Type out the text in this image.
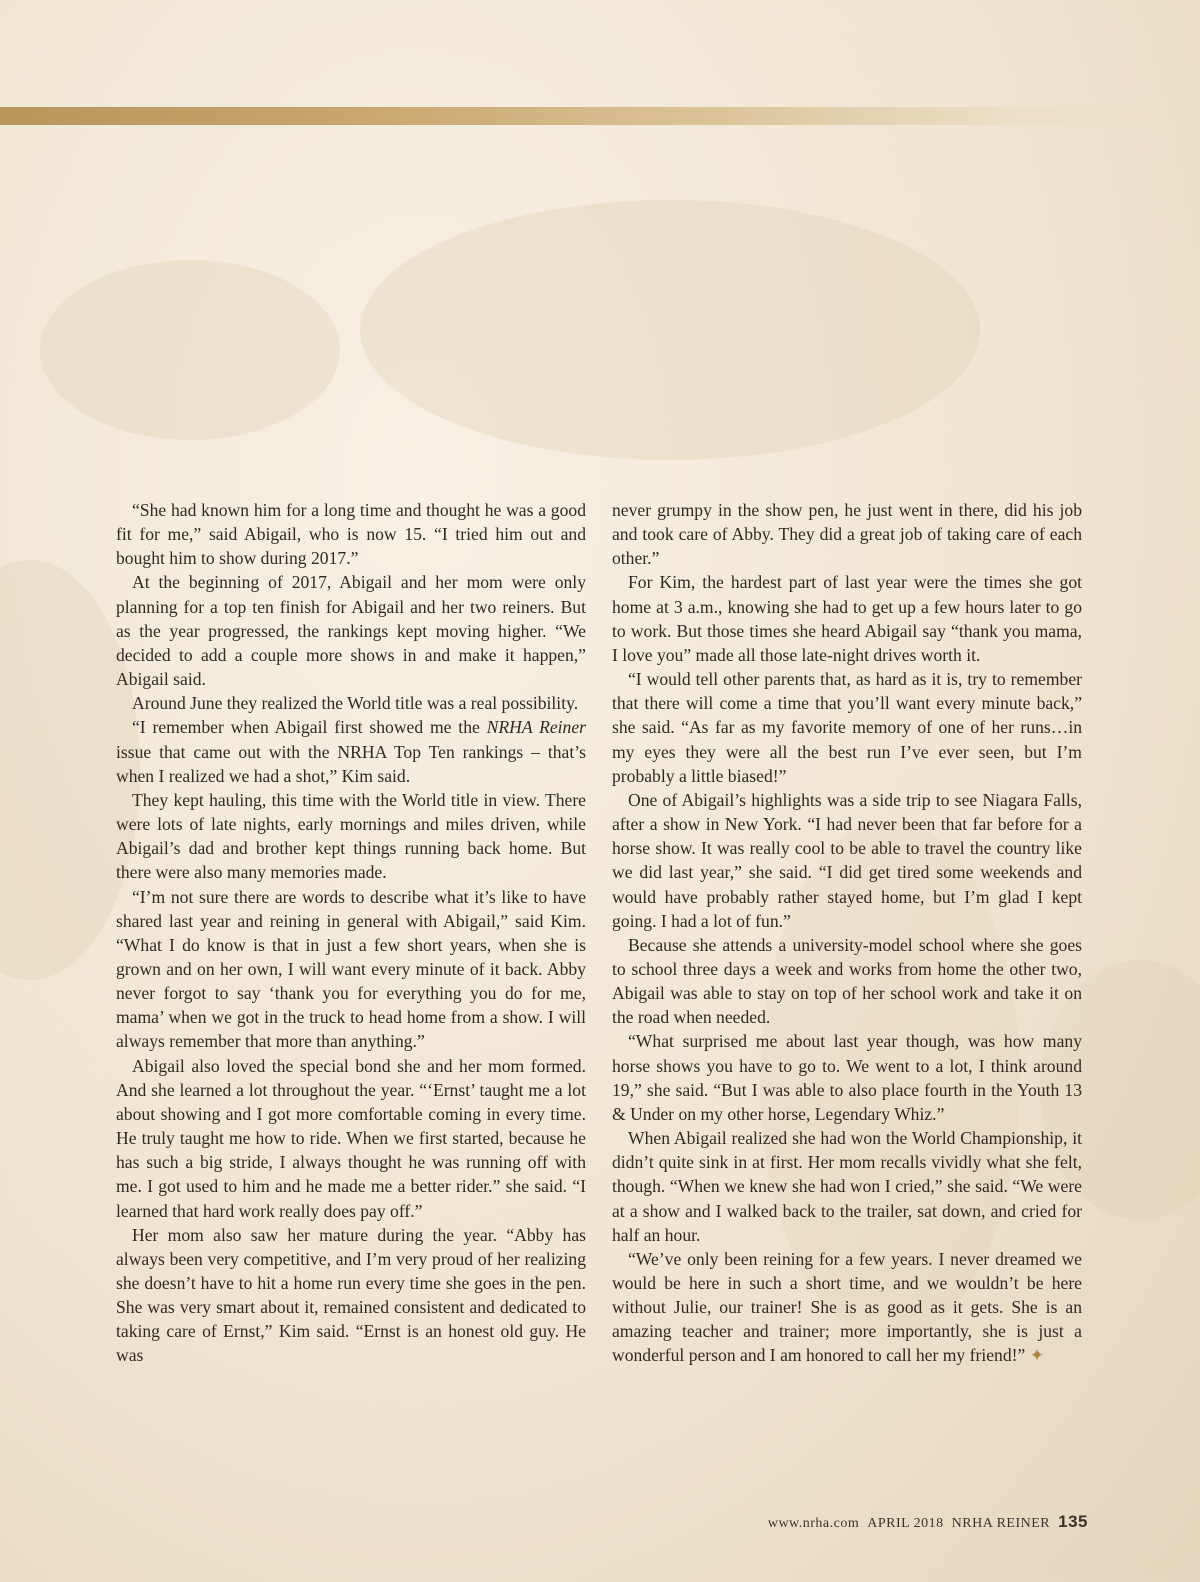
“She had known him for a long time and thought he was a good fit for me,” said Abigail, who is now 15. “I tried him out and bought him to show during 2017.”

At the beginning of 2017, Abigail and her mom were only planning for a top ten finish for Abigail and her two reiners. But as the year progressed, the rankings kept moving higher. “We decided to add a couple more shows in and make it happen,” Abigail said.

Around June they realized the World title was a real possibility.

“I remember when Abigail first showed me the NRHA Reiner issue that came out with the NRHA Top Ten rankings – that’s when I realized we had a shot,” Kim said.

They kept hauling, this time with the World title in view. There were lots of late nights, early mornings and miles driven, while Abigail’s dad and brother kept things running back home. But there were also many memories made.

“I’m not sure there are words to describe what it’s like to have shared last year and reining in general with Abigail,” said Kim. “What I do know is that in just a few short years, when she is grown and on her own, I will want every minute of it back. Abby never forgot to say ‘thank you for everything you do for me, mama’ when we got in the truck to head home from a show. I will always remember that more than anything.”

Abigail also loved the special bond she and her mom formed. And she learned a lot throughout the year. “‘Ernst’ taught me a lot about showing and I got more comfortable coming in every time. He truly taught me how to ride. When we first started, because he has such a big stride, I always thought he was running off with me. I got used to him and he made me a better rider.” she said. “I learned that hard work really does pay off.”

Her mom also saw her mature during the year. “Abby has always been very competitive, and I’m very proud of her realizing she doesn’t have to hit a home run every time she goes in the pen. She was very smart about it, remained consistent and dedicated to taking care of Ernst,” Kim said. “Ernst is an honest old guy. He was

never grumpy in the show pen, he just went in there, did his job and took care of Abby. They did a great job of taking care of each other.”

For Kim, the hardest part of last year were the times she got home at 3 a.m., knowing she had to get up a few hours later to go to work. But those times she heard Abigail say “thank you mama, I love you” made all those late-night drives worth it.

“I would tell other parents that, as hard as it is, try to remember that there will come a time that you’ll want every minute back,” she said. “As far as my favorite memory of one of her runs…in my eyes they were all the best run I’ve ever seen, but I’m probably a little biased!”

One of Abigail’s highlights was a side trip to see Niagara Falls, after a show in New York. “I had never been that far before for a horse show. It was really cool to be able to travel the country like we did last year,” she said. “I did get tired some weekends and would have probably rather stayed home, but I’m glad I kept going. I had a lot of fun.”

Because she attends a university-model school where she goes to school three days a week and works from home the other two, Abigail was able to stay on top of her school work and take it on the road when needed.

“What surprised me about last year though, was how many horse shows you have to go to. We went to a lot, I think around 19,” she said. “But I was able to also place fourth in the Youth 13 & Under on my other horse, Legendary Whiz.”

When Abigail realized she had won the World Championship, it didn’t quite sink in at first. Her mom recalls vividly what she felt, though. “When we knew she had won I cried,” she said. “We were at a show and I walked back to the trailer, sat down, and cried for half an hour.

“We’ve only been reining for a few years. I never dreamed we would be here in such a short time, and we wouldn’t be here without Julie, our trainer! She is as good as it gets. She is an amazing teacher and trainer; more importantly, she is just a wonderful person and I am honored to call her my friend!” ✦

www.nrha.com APRIL 2018 NRHA REINER 135
